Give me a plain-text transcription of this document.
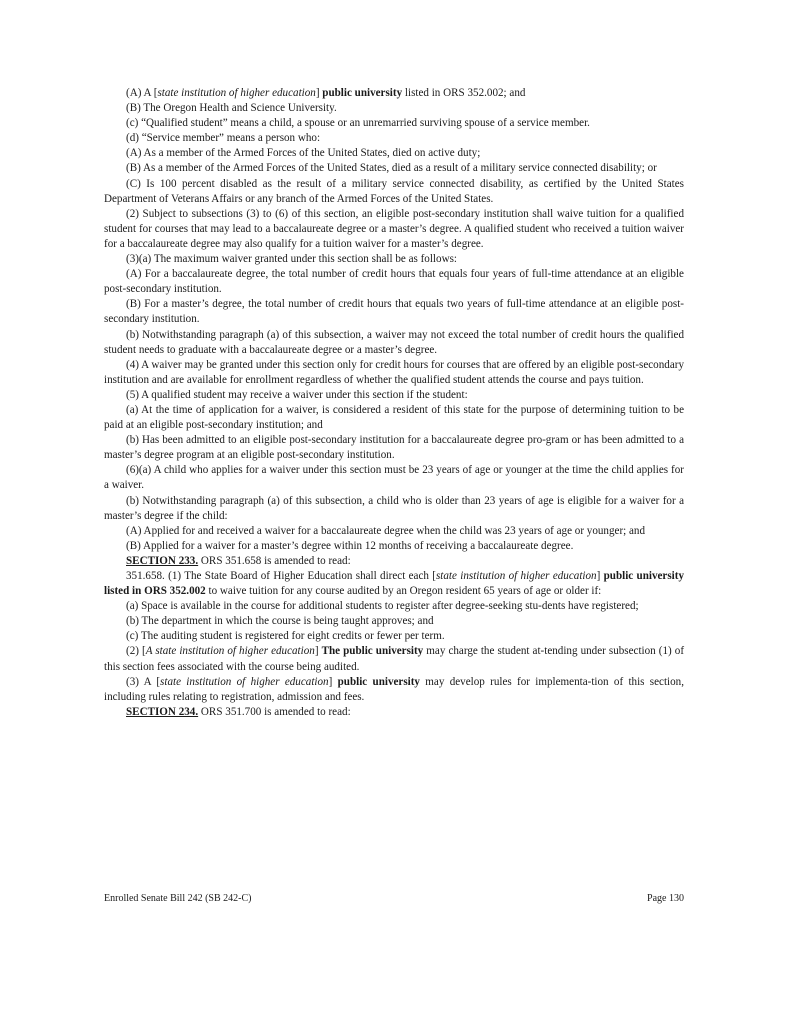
(A) A [state institution of higher education] public university listed in ORS 352.002; and

(B) The Oregon Health and Science University.

(c) “Qualified student” means a child, a spouse or an unremarried surviving spouse of a service member.

(d) “Service member” means a person who:

(A) As a member of the Armed Forces of the United States, died on active duty;

(B) As a member of the Armed Forces of the United States, died as a result of a military service connected disability; or

(C) Is 100 percent disabled as the result of a military service connected disability, as certified by the United States Department of Veterans Affairs or any branch of the Armed Forces of the United States.

(2) Subject to subsections (3) to (6) of this section, an eligible post-secondary institution shall waive tuition for a qualified student for courses that may lead to a baccalaureate degree or a master’s degree. A qualified student who received a tuition waiver for a baccalaureate degree may also qualify for a tuition waiver for a master’s degree.

(3)(a) The maximum waiver granted under this section shall be as follows:

(A) For a baccalaureate degree, the total number of credit hours that equals four years of full-time attendance at an eligible post-secondary institution.

(B) For a master’s degree, the total number of credit hours that equals two years of full-time attendance at an eligible post-secondary institution.

(b) Notwithstanding paragraph (a) of this subsection, a waiver may not exceed the total number of credit hours the qualified student needs to graduate with a baccalaureate degree or a master’s degree.

(4) A waiver may be granted under this section only for credit hours for courses that are offered by an eligible post-secondary institution and are available for enrollment regardless of whether the qualified student attends the course and pays tuition.

(5) A qualified student may receive a waiver under this section if the student:

(a) At the time of application for a waiver, is considered a resident of this state for the purpose of determining tuition to be paid at an eligible post-secondary institution; and

(b) Has been admitted to an eligible post-secondary institution for a baccalaureate degree pro-gram or has been admitted to a master’s degree program at an eligible post-secondary institution.

(6)(a) A child who applies for a waiver under this section must be 23 years of age or younger at the time the child applies for a waiver.

(b) Notwithstanding paragraph (a) of this subsection, a child who is older than 23 years of age is eligible for a waiver for a master’s degree if the child:

(A) Applied for and received a waiver for a baccalaureate degree when the child was 23 years of age or younger; and

(B) Applied for a waiver for a master’s degree within 12 months of receiving a baccalaureate degree.

SECTION 233. ORS 351.658 is amended to read:

351.658. (1) The State Board of Higher Education shall direct each [state institution of higher education] public university listed in ORS 352.002 to waive tuition for any course audited by an Oregon resident 65 years of age or older if:

(a) Space is available in the course for additional students to register after degree-seeking stu-dents have registered;

(b) The department in which the course is being taught approves; and

(c) The auditing student is registered for eight credits or fewer per term.

(2) [A state institution of higher education] The public university may charge the student at-tending under subsection (1) of this section fees associated with the course being audited.

(3) A [state institution of higher education] public university may develop rules for implementa-tion of this section, including rules relating to registration, admission and fees.

SECTION 234. ORS 351.700 is amended to read:

Enrolled Senate Bill 242 (SB 242-C)	Page 130
